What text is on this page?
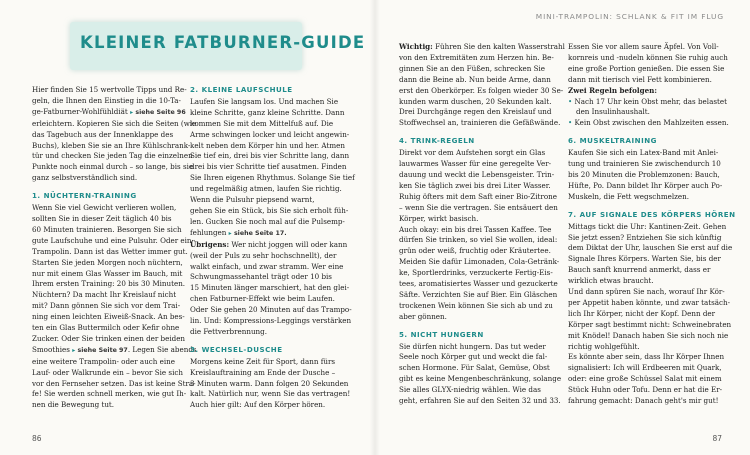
KLEINER FATBURNER-GUIDE
Hier finden Sie 15 wertvolle Tipps und Re-
geln, die Ihnen den Einstieg in die 10-Ta-
ge-Fatburner-Wohlfühldiät ▸ siehe Seite 96
erleichtern. Kopieren Sie sich die Seiten (wie
das Tagebuch aus der Innenklappe des
Buchs), kleben Sie sie an Ihre Kühlschrank-
tür und checken Sie jeden Tag die einzelnen
Punkte noch einmal durch – so lange, bis sie
ganz selbstverständlich sind.
1. NÜCHTERN-TRAINING
Wenn Sie viel Gewicht verlieren wollen,
sollten Sie in dieser Zeit täglich 40 bis
60 Minuten trainieren. Besorgen Sie sich
gute Laufschuhe und eine Pulsuhr. Oder ein
Trampolin. Dann ist das Wetter immer gut.
Starten Sie jeden Morgen noch nüchtern,
nur mit einem Glas Wasser im Bauch, mit
Ihrem ersten Training: 20 bis 30 Minuten.
Nüchtern? Da macht Ihr Kreislauf nicht
mit? Dann gönnen Sie sich vor dem Trai-
ning einen leichten Eiweiß-Snack. An bes-
ten ein Glas Buttermilch oder Kefir ohne
Zucker. Oder Sie trinken einen der beiden
Smoothies ▸ siehe Seite 97. Legen Sie abends
eine weitere Trampolin- oder auch eine
Lauf- oder Walkrunde ein – bevor Sie sich
vor den Fernseher setzen. Das ist keine Stra-
fe! Sie werden schnell merken, wie gut Ih-
nen die Bewegung tut.
2. KLEINE LAUFSCHULE
Laufen Sie langsam los. Und machen Sie
kleine Schritte, ganz kleine Schritte. Dann
kommen Sie mit dem Mittelfuß auf. Die
Arme schwingen locker und leicht angewin-
kelt neben dem Körper hin und her. Atmen
Sie tief ein, drei bis vier Schritte lang, dann
drei bis vier Schritte tief ausatmen. Finden
Sie Ihren eigenen Rhythmus. Solange Sie tief
und regelmäßig atmen, laufen Sie richtig.
Wenn die Pulsuhr piepsend warnt,
gehen Sie ein Stück, bis Sie sich erholt füh-
len. Gucken Sie noch mal auf die Pulsemp-
fehlungen ▸ siehe Seite 17.
Übrigens: Wer nicht joggen will oder kann
(weil der Puls zu sehr hochschnellt), der
walkt einfach, und zwar stramm. Wer eine
Schwungmassehantel trägt oder 10 bis
15 Minuten länger marschiert, hat den glei-
chen Fatburner-Effekt wie beim Laufen.
Oder Sie gehen 20 Minuten auf das Trampo-
lin. Und: Kompressions-Leggings verstärken
die Fettverbrennung.
3. WECHSEL-DUSCHE
Morgens keine Zeit für Sport, dann fürs
Kreislauftraining am Ende der Dusche –
3 Minuten warm. Dann folgen 20 Sekunden
kalt. Natürlich nur, wenn Sie das vertragen!
Auch hier gilt: Auf den Körper hören.
86
MINI-TRAMPOLIN: SCHLANK & FIT IM FLUG
Wichtig: Führen Sie den kalten Wasserstrahl
von den Extremitäten zum Herzen hin. Be-
ginnen Sie an den Füßen, schrecken Sie
dann die Beine ab. Nun beide Arme, dann
erst den Oberkörper. Es folgen wieder 30 Se-
kunden warm duschen, 20 Sekunden kalt.
Drei Durchgänge regen den Kreislauf und
Stoffwechsel an, trainieren die Gefäßwände.
4. TRINK-REGELN
Direkt vor dem Aufstehen sorgt ein Glas
lauwarmes Wasser für eine geregelte Ver-
dauung und weckt die Lebensgeister. Trin-
ken Sie täglich zwei bis drei Liter Wasser.
Ruhig öfters mit dem Saft einer Bio-Zitrone
– wenn Sie die vertragen. Sie entsäuert den
Körper, wirkt basisch.
Auch okay: ein bis drei Tassen Kaffee. Tee
dürfen Sie trinken, so viel Sie wollen, ideal:
grün oder weiß, fruchtig oder Kräutertee.
Meiden Sie dafür Limonaden, Cola-Getränk-
ke, Sportlerdrinks, verzuckerte Fertig-Eis-
tees, aromatisiertes Wasser und gezuckerte
Säfte. Verzichten Sie auf Bier. Ein Gläschen
trockenen Wein können Sie sich ab und zu
aber gönnen.
5. NICHT HUNGERN
Sie dürfen nicht hungern. Das tut weder
Seele noch Körper gut und weckt die fal-
schen Hormone. Für Salat, Gemüse, Obst
gibt es keine Mengenbeschränkung, solange
Sie alles GLYX-niedrig wählen. Wie das
geht, erfahren Sie auf den Seiten 32 und 33.
Essen Sie vor allem saure Äpfel. Von Voll-
kornreis und -nudeln können Sie ruhig auch
eine große Portion genießen. Die essen Sie
dann mit tierisch viel Fett kombinieren.
Zwei Regeln befolgen:
• Nach 17 Uhr kein Obst mehr, das belastet
den Insulinhaushalt.
• Kein Obst zwischen den Mahlzeiten essen.
6. MUSKELTRAINING
Kaufen Sie sich ein Latex-Band mit Anlei-
tung und trainieren Sie zwischendurch 10
bis 20 Minuten die Problemzonen: Bauch,
Hüfte, Po. Dann bildet Ihr Körper auch Po-
Muskeln, die Fett wegschmelzen.
7. AUF SIGNALE DES KÖRPERS HÖREN
Mittags tickt die Uhr: Kantinen-Zeit. Gehen
Sie jetzt essen? Entziehen Sie sich künftig
dem Diktat der Uhr, lauschen Sie erst auf die
Signale Ihres Körpers. Warten Sie, bis der
Bauch sanft knurrend anmerkt, dass er
wirklich etwas braucht.
Und dann spüren Sie nach, worauf Ihr Kör-
per Appetit haben könnte, und zwar tatsäch-
lich Ihr Körper, nicht der Kopf. Denn der
Körper sagt bestimmt nicht: Schweinebraten
mit Knödel! Danach haben Sie sich noch nie
richtig wohlgefühlt.
Es könnte aber sein, dass Ihr Körper Ihnen
signalisiert: Ich will Erdbeeren mit Quark,
oder: eine große Schüssel Salat mit einem
Stück Huhn oder Tofu. Denn er hat die Er-
fahrung gemacht: Danach geht's mir gut!
87
